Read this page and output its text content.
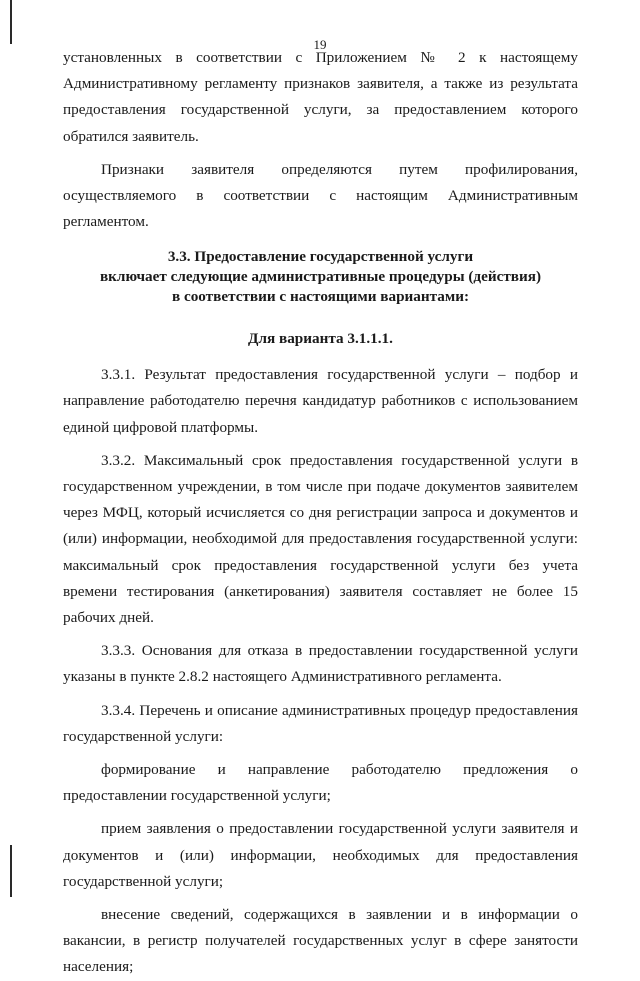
19

установленных в соответствии с Приложением № 2 к настоящему Административному регламенту признаков заявителя, а также из результата предоставления государственной услуги, за предоставлением которого обратился заявитель.

Признаки заявителя определяются путем профилирования, осуществляемого в соответствии с настоящим Административным регламентом.

3.3. Предоставление государственной услуги

включает следующие административные процедуры (действия)

в соответствии с настоящими вариантами:

Для варианта 3.1.1.1.

3.3.1. Результат предоставления государственной услуги – подбор и направление работодателю перечня кандидатур работников с использованием единой цифровой платформы.

3.3.2. Максимальный срок предоставления государственной услуги в государственном учреждении, в том числе при подаче документов заявителем через МФЦ, который исчисляется со дня регистрации запроса и документов и (или) информации, необходимой для предоставления государственной услуги: максимальный срок предоставления государственной услуги без учета времени тестирования (анкетирования) заявителя составляет не более 15 рабочих дней.

3.3.3. Основания для отказа в предоставлении государственной услуги указаны в пункте 2.8.2 настоящего Административного регламента.

3.3.4. Перечень и описание административных процедур предоставления государственной услуги:

формирование и направление работодателю предложения о предоставлении государственной услуги;

прием заявления о предоставлении государственной услуги заявителя и документов и (или) информации, необходимых для предоставления государственной услуги;

внесение сведений, содержащихся в заявлении и в информации о вакансии, в регистр получателей государственных услуг в сфере занятости населения;
